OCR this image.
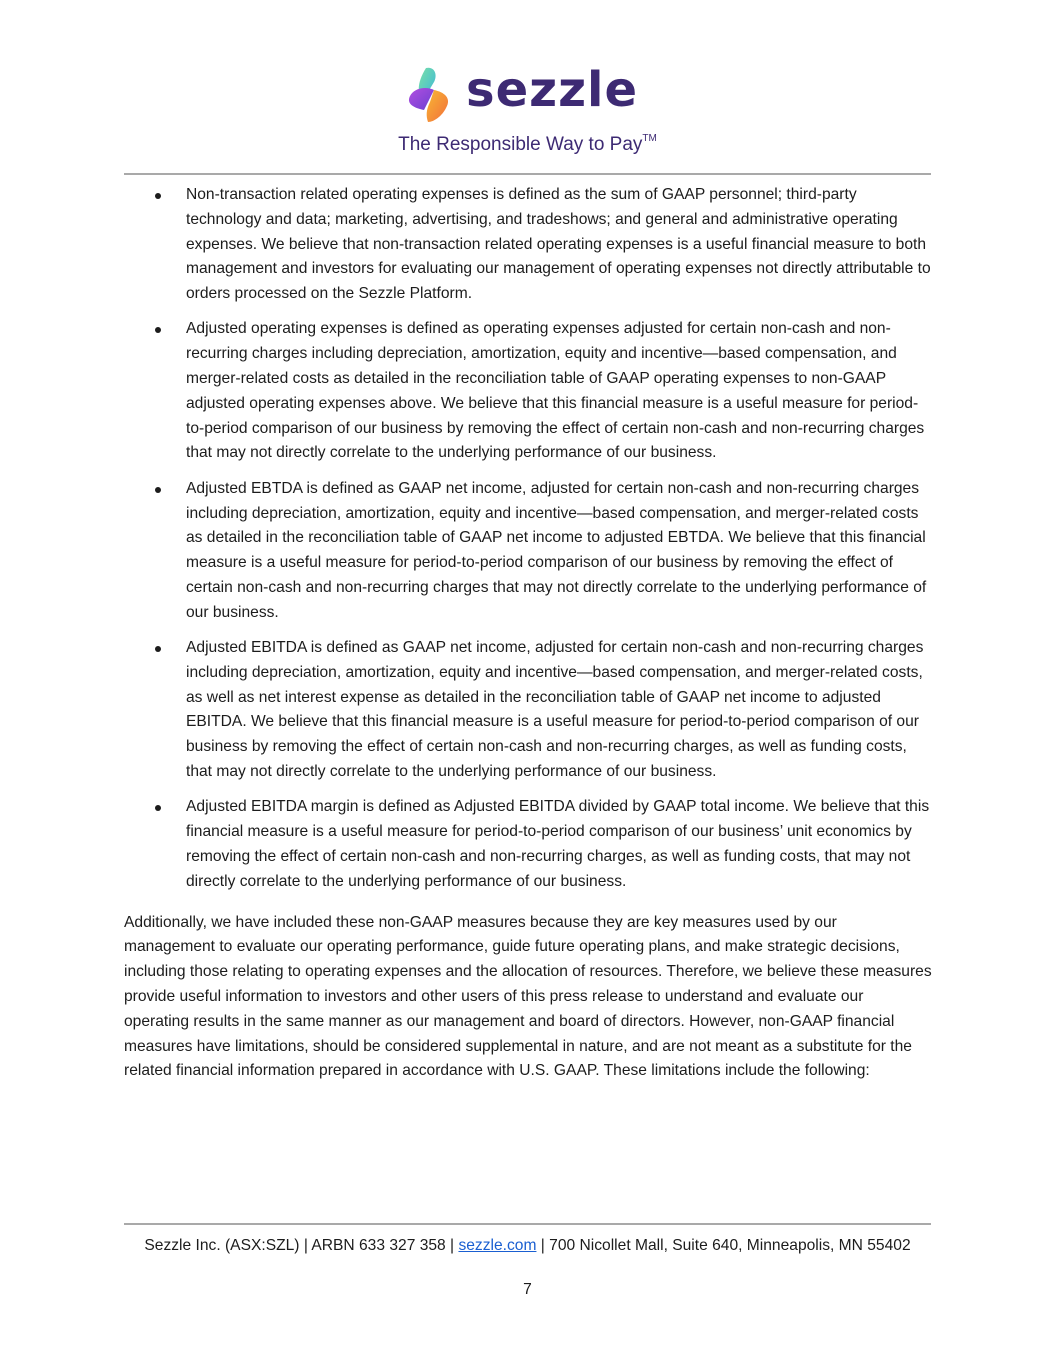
sezzle
The Responsible Way to Pay™
Non-transaction related operating expenses is defined as the sum of GAAP personnel; third-party technology and data; marketing, advertising, and tradeshows; and general and administrative operating expenses. We believe that non-transaction related operating expenses is a useful financial measure to both management and investors for evaluating our management of operating expenses not directly attributable to orders processed on the Sezzle Platform.
Adjusted operating expenses is defined as operating expenses adjusted for certain non-cash and non-recurring charges including depreciation, amortization, equity and incentive—based compensation, and merger-related costs as detailed in the reconciliation table of GAAP operating expenses to non-GAAP adjusted operating expenses above. We believe that this financial measure is a useful measure for period-to-period comparison of our business by removing the effect of certain non-cash and non-recurring charges that may not directly correlate to the underlying performance of our business.
Adjusted EBTDA is defined as GAAP net income, adjusted for certain non-cash and non-recurring charges including depreciation, amortization, equity and incentive—based compensation, and merger-related costs as detailed in the reconciliation table of GAAP net income to adjusted EBTDA. We believe that this financial measure is a useful measure for period-to-period comparison of our business by removing the effect of certain non-cash and non-recurring charges that may not directly correlate to the underlying performance of our business.
Adjusted EBITDA is defined as GAAP net income, adjusted for certain non-cash and non-recurring charges including depreciation, amortization, equity and incentive—based compensation, and merger-related costs, as well as net interest expense as detailed in the reconciliation table of GAAP net income to adjusted EBITDA. We believe that this financial measure is a useful measure for period-to-period comparison of our business by removing the effect of certain non-cash and non-recurring charges, as well as funding costs, that may not directly correlate to the underlying performance of our business.
Adjusted EBITDA margin is defined as Adjusted EBITDA divided by GAAP total income. We believe that this financial measure is a useful measure for period-to-period comparison of our business’ unit economics by removing the effect of certain non-cash and non-recurring charges, as well as funding costs, that may not directly correlate to the underlying performance of our business.

Additionally, we have included these non-GAAP measures because they are key measures used by our management to evaluate our operating performance, guide future operating plans, and make strategic decisions, including those relating to operating expenses and the allocation of resources. Therefore, we believe these measures provide useful information to investors and other users of this press release to understand and evaluate our operating results in the same manner as our management and board of directors. However, non-GAAP financial measures have limitations, should be considered supplemental in nature, and are not meant as a substitute for the related financial information prepared in accordance with U.S. GAAP. These limitations include the following:

Sezzle Inc. (ASX:SZL) | ARBN 633 327 358 | sezzle.com | 700 Nicollet Mall, Suite 640, Minneapolis, MN 55402
7
